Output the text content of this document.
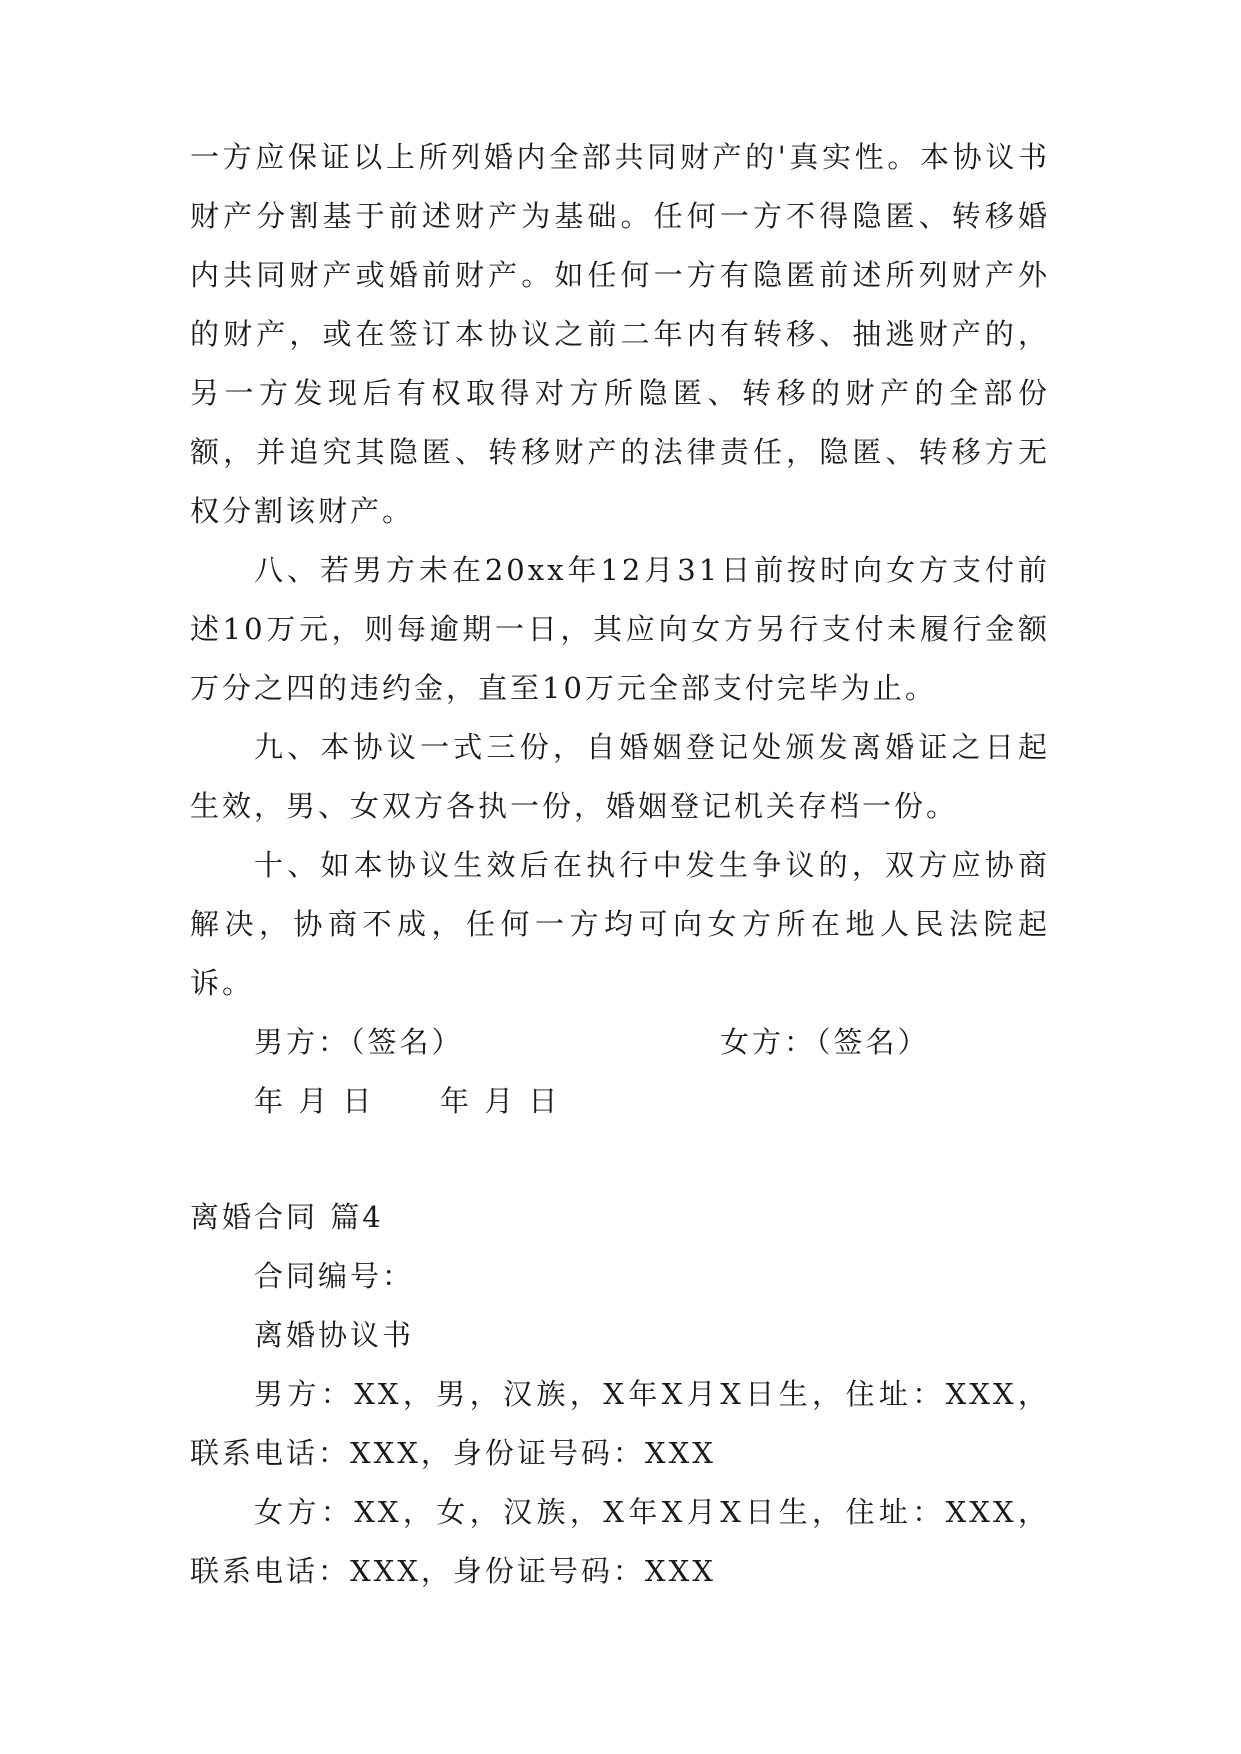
一方应保证以上所列婚内全部共同财产的'真实性。本协议书财产分割基于前述财产为基础。任何一方不得隐匿、转移婚内共同财产或婚前财产。如任何一方有隐匿前述所列财产外的财产，或在签订本协议之前二年内有转移、抽逃财产的，另一方发现后有权取得对方所隐匿、转移的财产的全部份额，并追究其隐匿、转移财产的法律责任，隐匿、转移方无权分割该财产。

八、若男方未在20xx年12月31日前按时向女方支付前述10万元，则每逾期一日，其应向女方另行支付未履行金额万分之四的违约金，直至10万元全部支付完毕为止。

九、本协议一式三份，自婚姻登记处颁发离婚证之日起生效，男、女双方各执一份，婚姻登记机关存档一份。

十、如本协议生效后在执行中发生争议的，双方应协商解决，协商不成，任何一方均可向女方所在地人民法院起诉。

男方：（签名）	女方：（签名）
年 月 日 年 月 日

离婚合同 篇4

合同编号：

离婚协议书

男方：XX，男，汉族，X年X月X日生，住址：XXX，联系电话：XXX，身份证号码：XXX

女方：XX，女，汉族，X年X月X日生，住址：XXX，联系电话：XXX，身份证号码：XXX
